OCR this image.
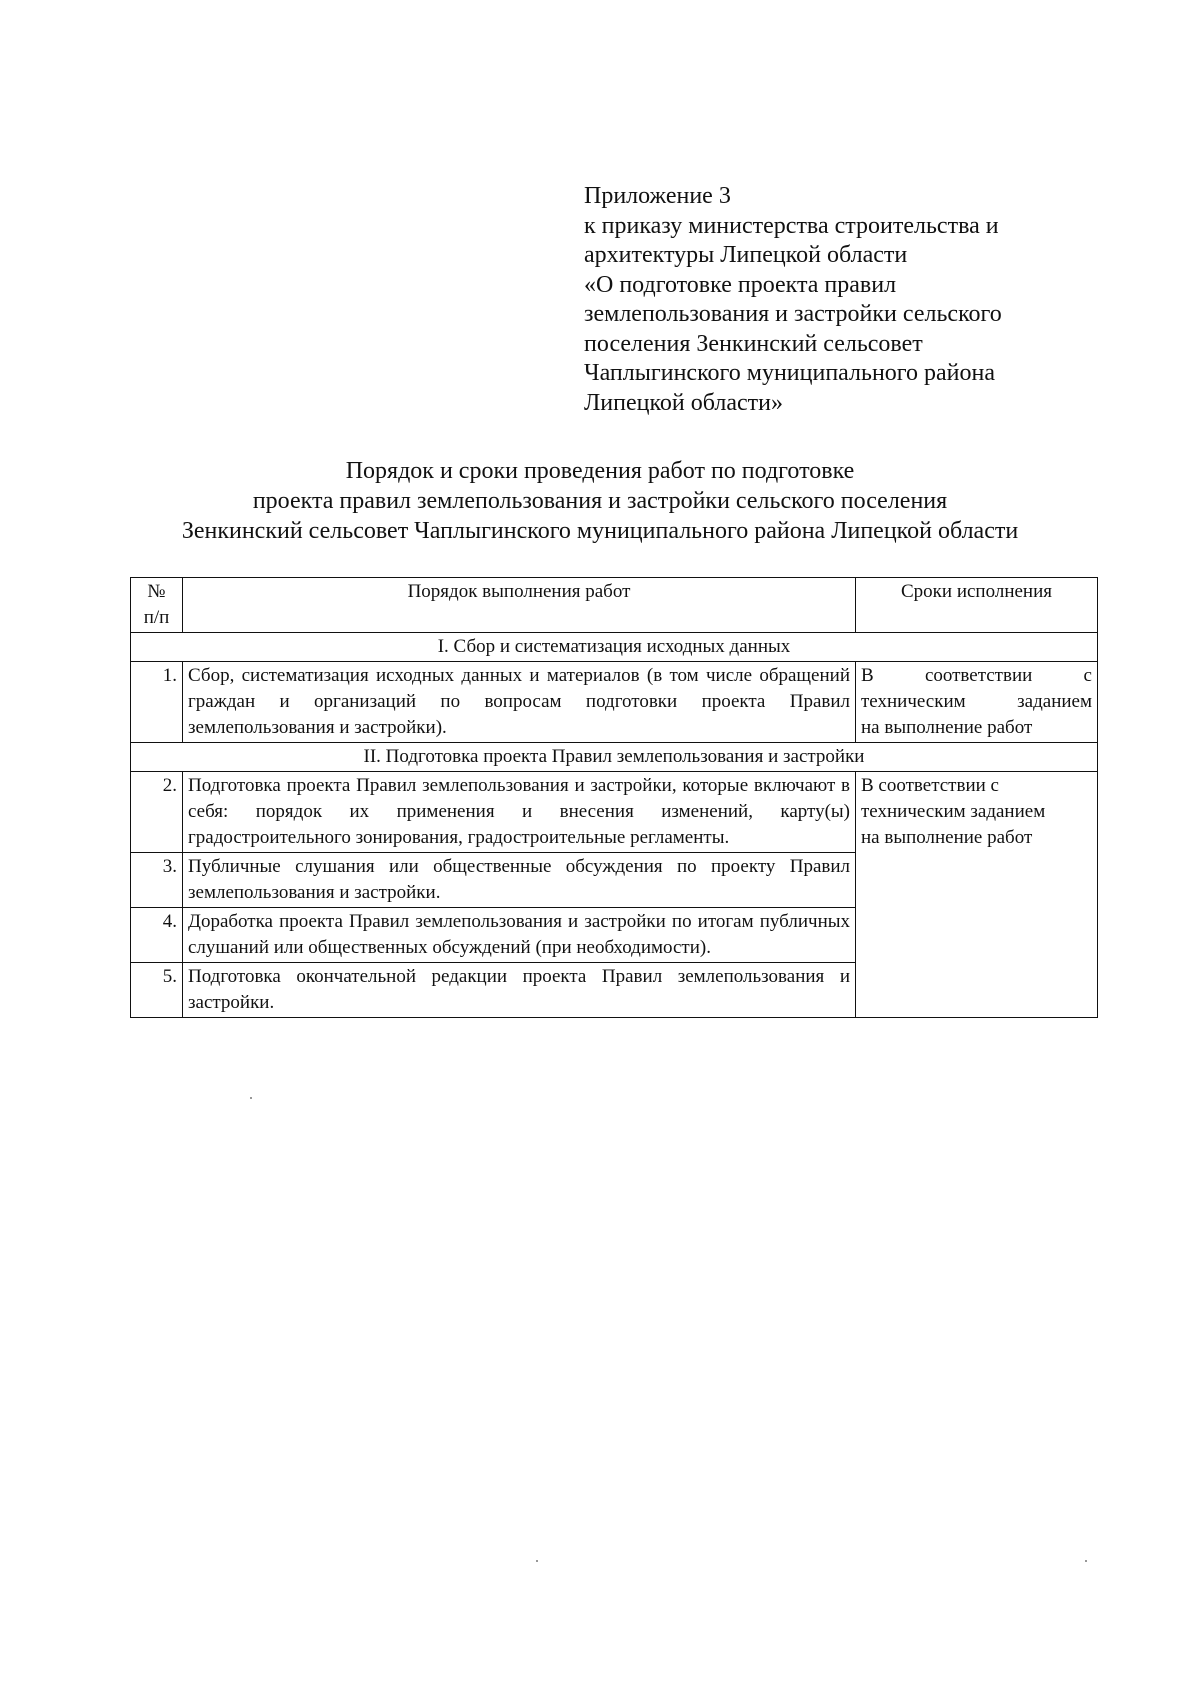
Приложение 3
к приказу министерства строительства и
архитектуры Липецкой области
«О подготовке проекта правил
землепользования и застройки сельского
поселения Зенкинский сельсовет
Чаплыгинского муниципального района
Липецкой области»
Порядок и сроки проведения работ по подготовке
проекта правил землепользования и застройки сельского поселения
Зенкинский сельсовет Чаплыгинского муниципального района Липецкой области
№
п/п	Порядок выполнения работ	Сроки исполнения
I. Сбор и систематизация исходных данных		
1.	Сбор, систематизация исходных данных и материалов (в том числе обращений граждан и организаций по вопросам подготовки проекта Правил землепользования и застройки).	В соответствии с
техническим заданием
на выполнение работ

II. Подготовка проекта Правил землепользования и застройки		
2.	Подготовка проекта Правил землепользования и застройки, которые включают в себя: порядок их применения и внесения изменений, карту(ы) градостроительного зонирования, градостроительные регламенты.	В соответствии с
техническим заданием
на выполнение работ

3.	Публичные слушания или общественные обсуждения по проекту Правил землепользования и застройки.	
4.	Доработка проекта Правил землепользования и застройки по итогам публичных слушаний или общественных обсуждений (при необходимости).	
5.	Подготовка окончательной редакции проекта Правил землепользования и застройки.	
